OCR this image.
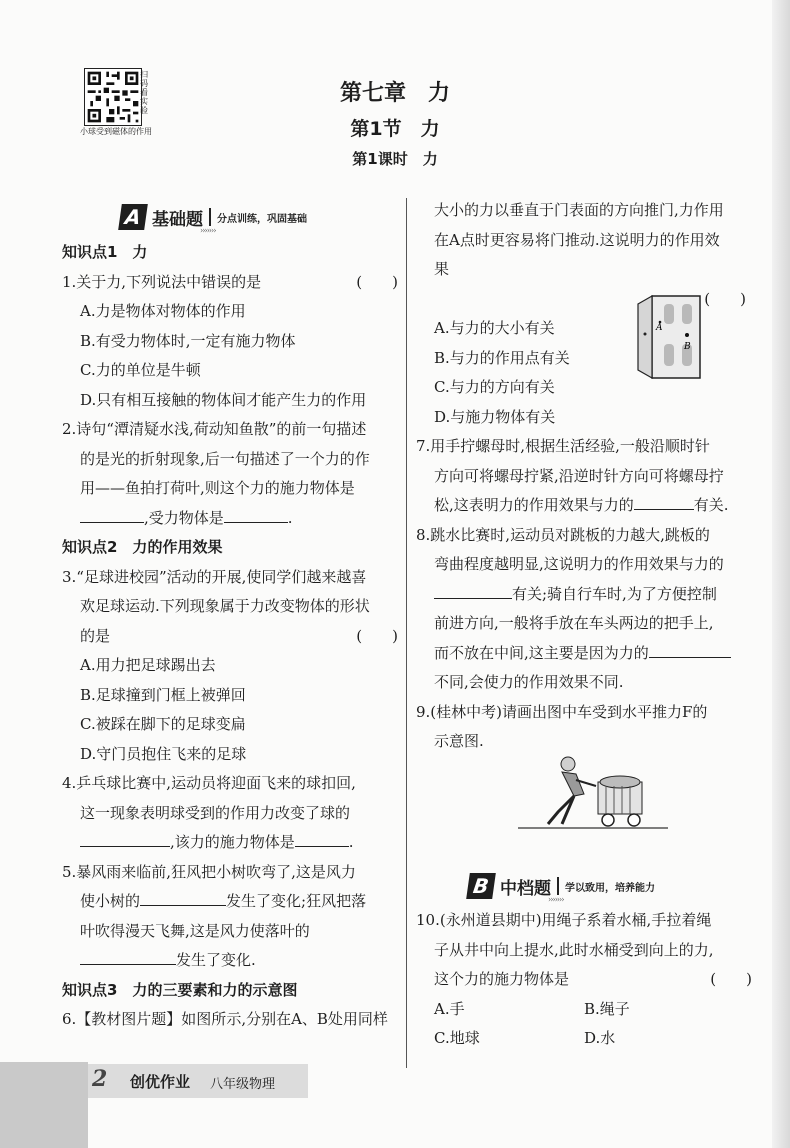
扫码看实验
小球受到磁体的作用
第七章　力
第1节　力
第1课时　力
A 基础题 分点训练，巩固基础
›››››››

知识点1　力

(　　)
1.关于力,下列说法中错误的是

A.力是物体对物体的作用

B.有受力物体时,一定有施力物体

C.力的单位是牛顿

D.只有相互接触的物体间才能产生力的作用

2.诗句“潭清疑水浅,荷动知鱼散”的前一句描述

的是光的折射现象,后一句描述了一个力的作

用——鱼拍打荷叶,则这个力的施力物体是

,受力物体是	.

知识点2　力的作用效果

3.“足球进校园”活动的开展,使同学们越来越喜

欢足球运动.下列现象属于力改变物体的形状

(　　)
的是

A.用力把足球踢出去

B.足球撞到门框上被弹回

C.被踩在脚下的足球变扁

D.守门员抱住飞来的足球

4.乒乓球比赛中,运动员将迎面飞来的球扣回,

这一现象表明球受到的作用力改变了球的

,该力的施力物体是	.

5.暴风雨来临前,狂风把小树吹弯了,这是风力

使小树的	发生了变化;狂风把落

叶吹得漫天飞舞,这是风力使落叶的

发生了变化.

知识点3　力的三要素和力的示意图

6.【教材图片题】如图所示,分别在A、B处用同样

大小的力以垂直于门表面的方向推门,力作用

在A点时更容易将门推动.这说明力的作用效

果

(　　)

A.与力的大小有关

B.与力的作用点有关

C.与力的方向有关

D.与施力物体有关

7.用手拧螺母时,根据生活经验,一般沿顺时针

方向可将螺母拧紧,沿逆时针方向可将螺母拧

松,这表明力的作用效果与力的	有关.

8.跳水比赛时,运动员对跳板的力越大,跳板的

弯曲程度越明显,这说明力的作用效果与力的

有关;骑自行车时,为了方便控制

前进方向,一般将手放在车头两边的把手上,

而不放在中间,这主要是因为力的

不同,会使力的作用效果不同.

9.(桂林中考)请画出图中车受到水平推力F的

示意图.

A
B
B 中档题 学以致用，培养能力
›››››››

10.(永州道县期中)用绳子系着水桶,手拉着绳

子从井中向上提水,此时水桶受到向上的力,

(　　)
这个力的施力物体是

A.手	B.绳子

C.地球	D.水

2 创优作业 八年级物理
